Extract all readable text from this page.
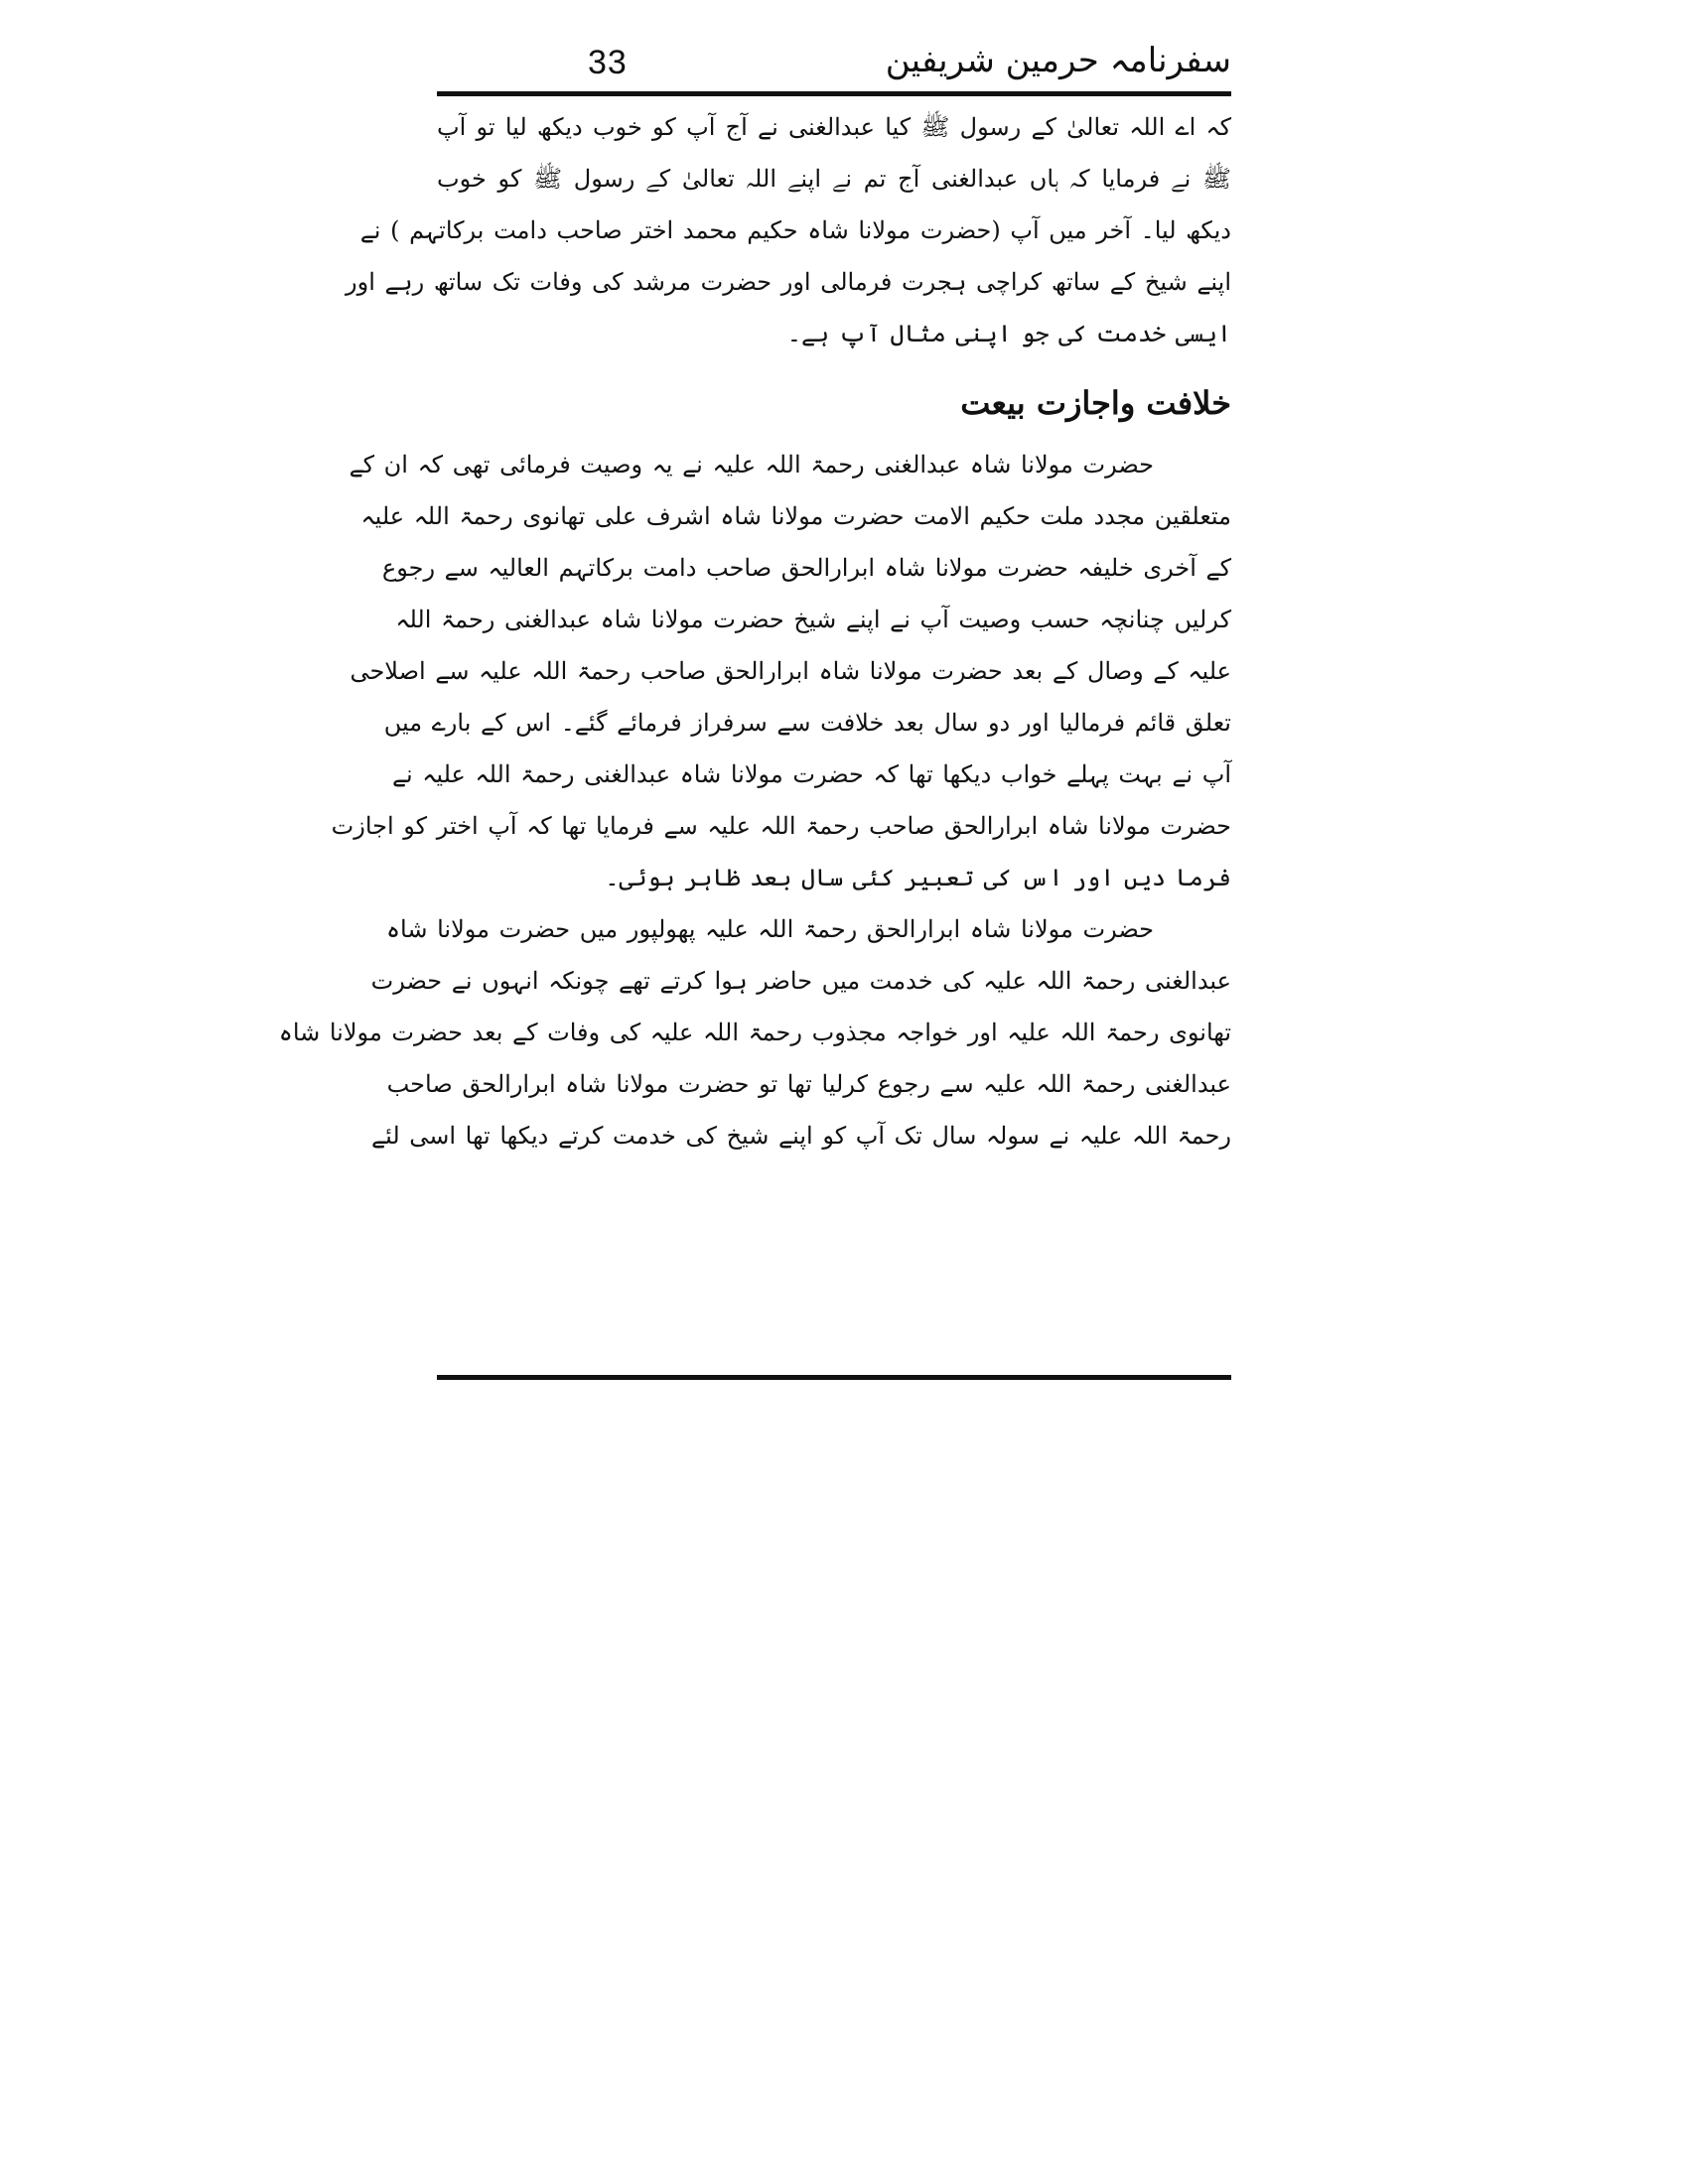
33	سفرنامہ حرمین شریفین
کہ اے اللہ تعالیٰ کے رسول ﷺ کیا عبدالغنی نے آج آپ کو خوب دیکھ لیا تو آپ
ﷺ نے فرمایا کہ ہاں عبدالغنی آج تم نے اپنے اللہ تعالیٰ کے رسول ﷺ کو خوب
دیکھ لیا۔ آخر میں آپ (حضرت مولانا شاہ حکیم محمد اختر صاحب دامت برکاتہم ) نے
اپنے شیخ کے ساتھ کراچی ہجرت فرمالی اور حضرت مرشد کی وفات تک ساتھ رہے اور
ایسی خدمت کی جو اپنی مثال آپ ہے۔
خلافت واجازت بیعت
حضرت مولانا شاہ عبدالغنی رحمۃ اللہ علیہ نے یہ وصیت فرمائی تھی کہ ان کے
متعلقین مجدد ملت حکیم الامت حضرت مولانا شاہ اشرف علی تھانوی رحمۃ اللہ علیہ
کے آخری خلیفہ حضرت مولانا شاہ ابرارالحق صاحب دامت برکاتہم العالیہ سے رجوع
کرلیں چنانچہ حسب وصیت آپ نے اپنے شیخ حضرت مولانا شاہ عبدالغنی رحمۃ اللہ
علیہ کے وصال کے بعد حضرت مولانا شاہ ابرارالحق صاحب رحمۃ اللہ علیہ سے اصلاحی
تعلق قائم فرمالیا اور دو سال بعد خلافت سے سرفراز فرمائے گئے۔ اس کے بارے میں
آپ نے بہت پہلے خواب دیکھا تھا کہ حضرت مولانا شاہ عبدالغنی رحمۃ اللہ علیہ نے
حضرت مولانا شاہ ابرارالحق صاحب رحمۃ اللہ علیہ سے فرمایا تھا کہ آپ اختر کو اجازت
فرما دیں اور اس کی تعبیر کئی سال بعد ظاہر ہوئی۔
حضرت مولانا شاہ ابرارالحق رحمۃ اللہ علیہ پھولپور میں حضرت مولانا شاہ
عبدالغنی رحمۃ اللہ علیہ کی خدمت میں حاضر ہوا کرتے تھے چونکہ انہوں نے حضرت
تھانوی رحمۃ اللہ علیہ اور خواجہ مجذوب رحمۃ اللہ علیہ کی وفات کے بعد حضرت مولانا شاہ
عبدالغنی رحمۃ اللہ علیہ سے رجوع کرلیا تھا تو حضرت مولانا شاہ ابرارالحق صاحب
رحمۃ اللہ علیہ نے سولہ سال تک آپ کو اپنے شیخ کی خدمت کرتے دیکھا تھا اسی لئے
